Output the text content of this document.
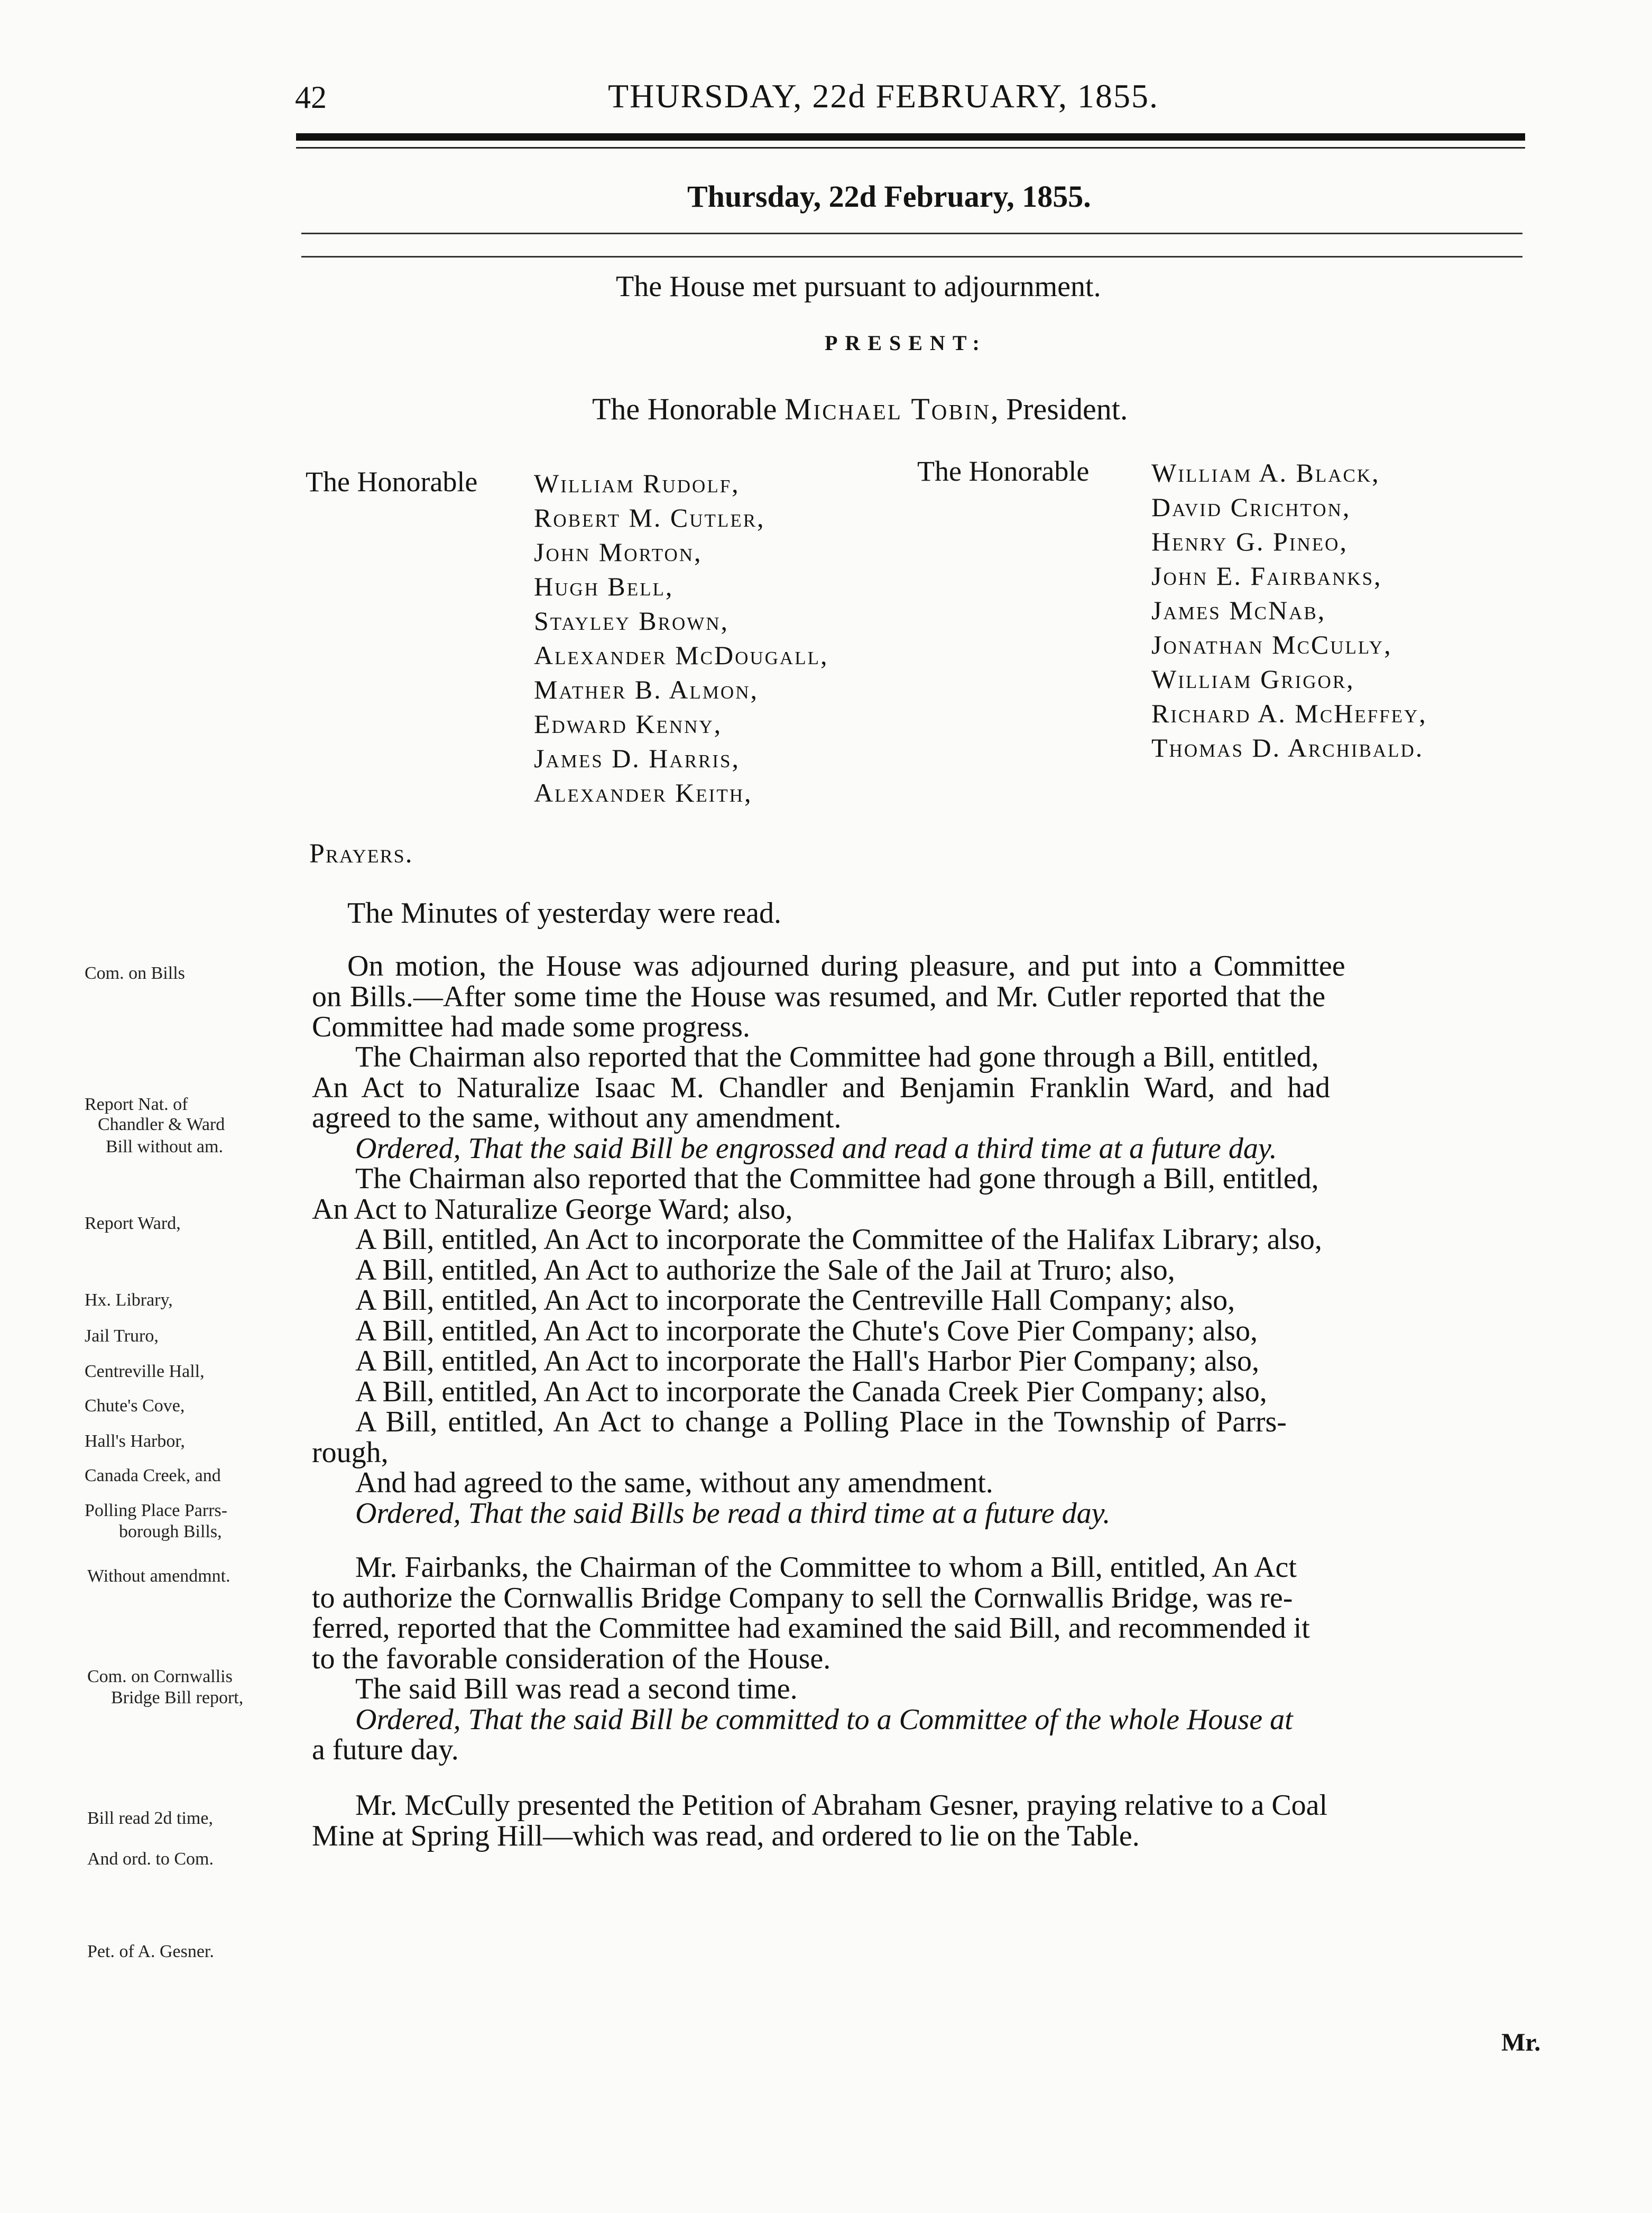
42	THURSDAY, 22d FEBRUARY, 1855.
Thursday, 22d February, 1855.
The House met pursuant to adjournment.
PRESENT:
The Honorable Michael Tobin, President.
The Honorable William Rudolf,
Robert M. Cutler,
John Morton,
Hugh Bell,
Stayley Brown,
Alexander McDougall,
Mather B. Almon,
Edward Kenny,
James D. Harris,
Alexander Keith,
The Honorable William A. Black,
David Crichton,
Henry G. Pineo,
John E. Fairbanks,
James McNab,
Jonathan McCully,
William Grigor,
Richard A. McHeffey,
Thomas D. Archibald.
Prayers.
The Minutes of yesterday were read.
On motion, the House was adjourned during pleasure, and put into a Committee
on Bills.—After some time the House was resumed, and Mr. Cutler reported that the
Committee had made some progress.
The Chairman also reported that the Committee had gone through a Bill, entitled,
An Act to Naturalize Isaac M. Chandler and Benjamin Franklin Ward, and had
agreed to the same, without any amendment.
Ordered, That the said Bill be engrossed and read a third time at a future day.
The Chairman also reported that the Committee had gone through a Bill, entitled,
An Act to Naturalize George Ward; also,
A Bill, entitled, An Act to incorporate the Committee of the Halifax Library; also,
A Bill, entitled, An Act to authorize the Sale of the Jail at Truro; also,
A Bill, entitled, An Act to incorporate the Centreville Hall Company; also,
A Bill, entitled, An Act to incorporate the Chute's Cove Pier Company; also,
A Bill, entitled, An Act to incorporate the Hall's Harbor Pier Company; also,
A Bill, entitled, An Act to incorporate the Canada Creek Pier Company; also,
A Bill, entitled, An Act to change a Polling Place in the Township of Parrs-
rough,
And had agreed to the same, without any amendment.
Ordered, That the said Bills be read a third time at a future day.
Mr. Fairbanks, the Chairman of the Committee to whom a Bill, entitled, An Act
to authorize the Cornwallis Bridge Company to sell the Cornwallis Bridge, was re-
ferred, reported that the Committee had examined the said Bill, and recommended it
to the favorable consideration of the House.
The said Bill was read a second time.
Ordered, That the said Bill be committed to a Committee of the whole House at
a future day.
Mr. McCully presented the Petition of Abraham Gesner, praying relative to a Coal
Mine at Spring Hill—which was read, and ordered to lie on the Table.
Mr.
Com. on Bills
Report Nat. of
Chandler & Ward
Bill without am.
Report Ward,
Hx. Library,
Jail Truro,
Centreville Hall,
Chute's Cove,
Hall's Harbor,
Canada Creek, and
Polling Place Parrs-
borough Bills,
Without amendmnt.
Com. on Cornwallis
Bridge Bill report,
Bill read 2d time,
And ord. to Com.
Pet. of A. Gesner.
